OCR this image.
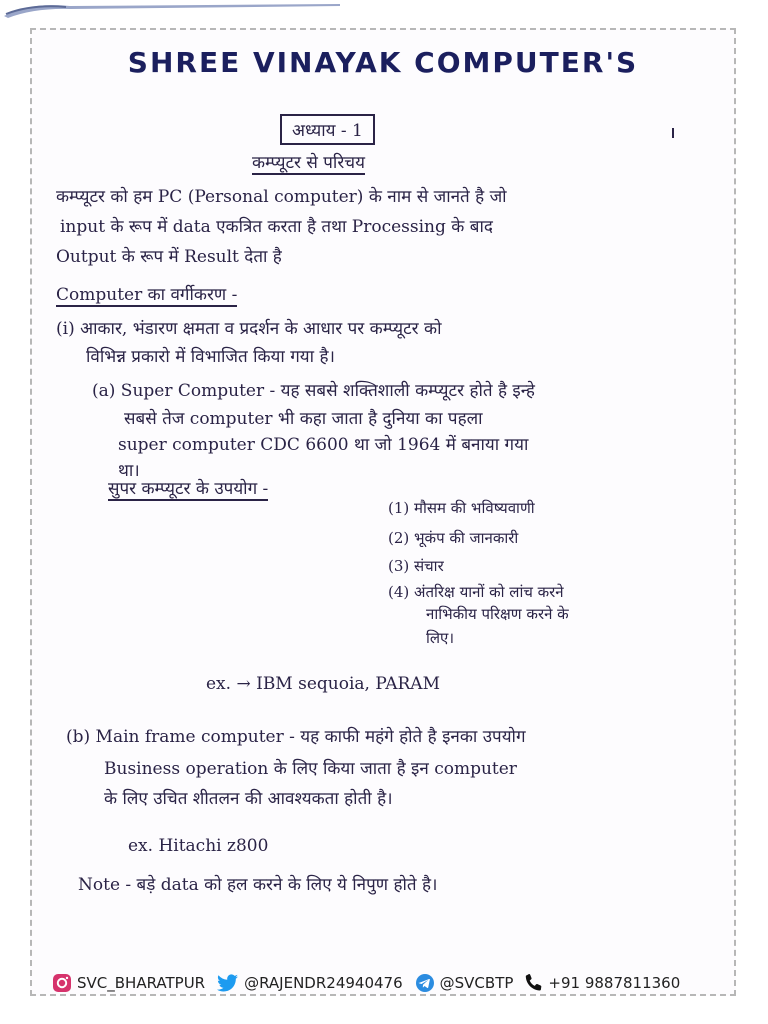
SHREE VINAYAK COMPUTER'S
अध्याय - 1
कम्प्यूटर से परिचय
कम्प्यूटर को हम PC (Personal computer) के नाम से जानते है जो
input के रूप में data एकत्रित करता है तथा Processing के बाद
Output के रूप में Result देता है
Computer का वर्गीकरण -
(i) आकार, भंडारण क्षमता व प्रदर्शन के आधार पर कम्प्यूटर को
विभिन्न प्रकारो में विभाजित किया गया है।
(a) Super Computer - यह सबसे शक्तिशाली कम्प्यूटर होते है इन्हे
सबसे तेज computer भी कहा जाता है दुनिया का पहला
super computer CDC 6600 था जो 1964 में बनाया गया
था।
सुपर कम्प्यूटर के उपयोग -
(1) मौसम की भविष्यवाणी
(2) भूकंप की जानकारी
(3) संचार
(4) अंतरिक्ष यानों को लांच करने
नाभिकीय परिक्षण करने के
लिए।
ex. → IBM sequoia, PARAM
(b) Main frame computer - यह काफी महंगे होते है इनका उपयोग
Business operation के लिए किया जाता है इन computer
के लिए उचित शीतलन की आवश्यकता होती है।
ex. Hitachi z800
Note - बड़े data को हल करने के लिए ये निपुण होते है।
SVC_BHARATPUR	@RAJENDR24940476 @SVCBTP +91 9887811360
